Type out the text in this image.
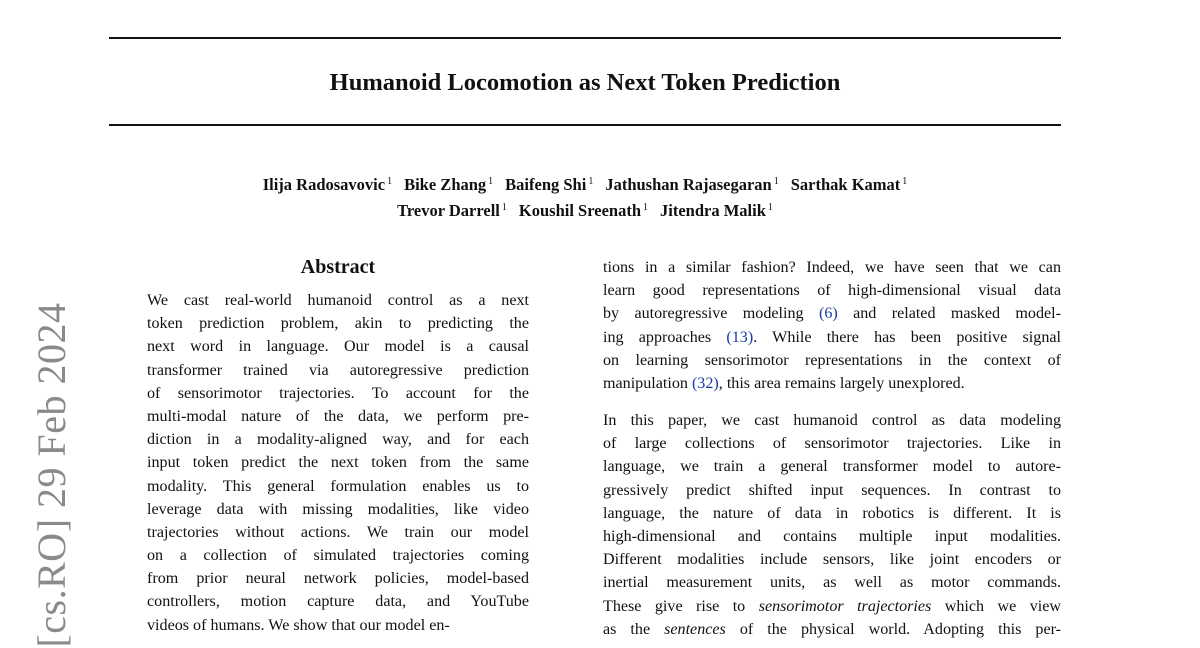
Humanoid Locomotion as Next Token Prediction
Ilija Radosavovic $^1$ Bike Zhang $^1$ Baifeng Shi $^1$ Jathushan Rajasegaran $^1$ Sarthak Kamat $^1$
Trevor Darrell $^1$ Koushil Sreenath $^1$ Jitendra Malik $^1$
[cs.RO] 29 Feb 2024
Abstract
We cast real-world humanoid control as a next
token prediction problem, akin to predicting the
next word in language. Our model is a causal
transformer trained via autoregressive prediction
of sensorimotor trajectories. To account for the
multi-modal nature of the data, we perform pre-
diction in a modality-aligned way, and for each
input token predict the next token from the same
modality. This general formulation enables us to
leverage data with missing modalities, like video
trajectories without actions. We train our model
on a collection of simulated trajectories coming
from prior neural network policies, model-based
controllers, motion capture data, and YouTube
videos of humans. We show that our model en-
tions in a similar fashion? Indeed, we have seen that we can
learn good representations of high-dimensional visual data
by autoregressive modeling (6) and related masked model-
ing approaches (13). While there has been positive signal
on learning sensorimotor representations in the context of
manipulation (32), this area remains largely unexplored.
In this paper, we cast humanoid control as data modeling
of large collections of sensorimotor trajectories. Like in
language, we train a general transformer model to autore-
gressively predict shifted input sequences. In contrast to
language, the nature of data in robotics is different. It is
high-dimensional and contains multiple input modalities.
Different modalities include sensors, like joint encoders or
inertial measurement units, as well as motor commands.
These give rise to sensorimotor trajectories which we view
as the sentences of the physical world. Adopting this per-
